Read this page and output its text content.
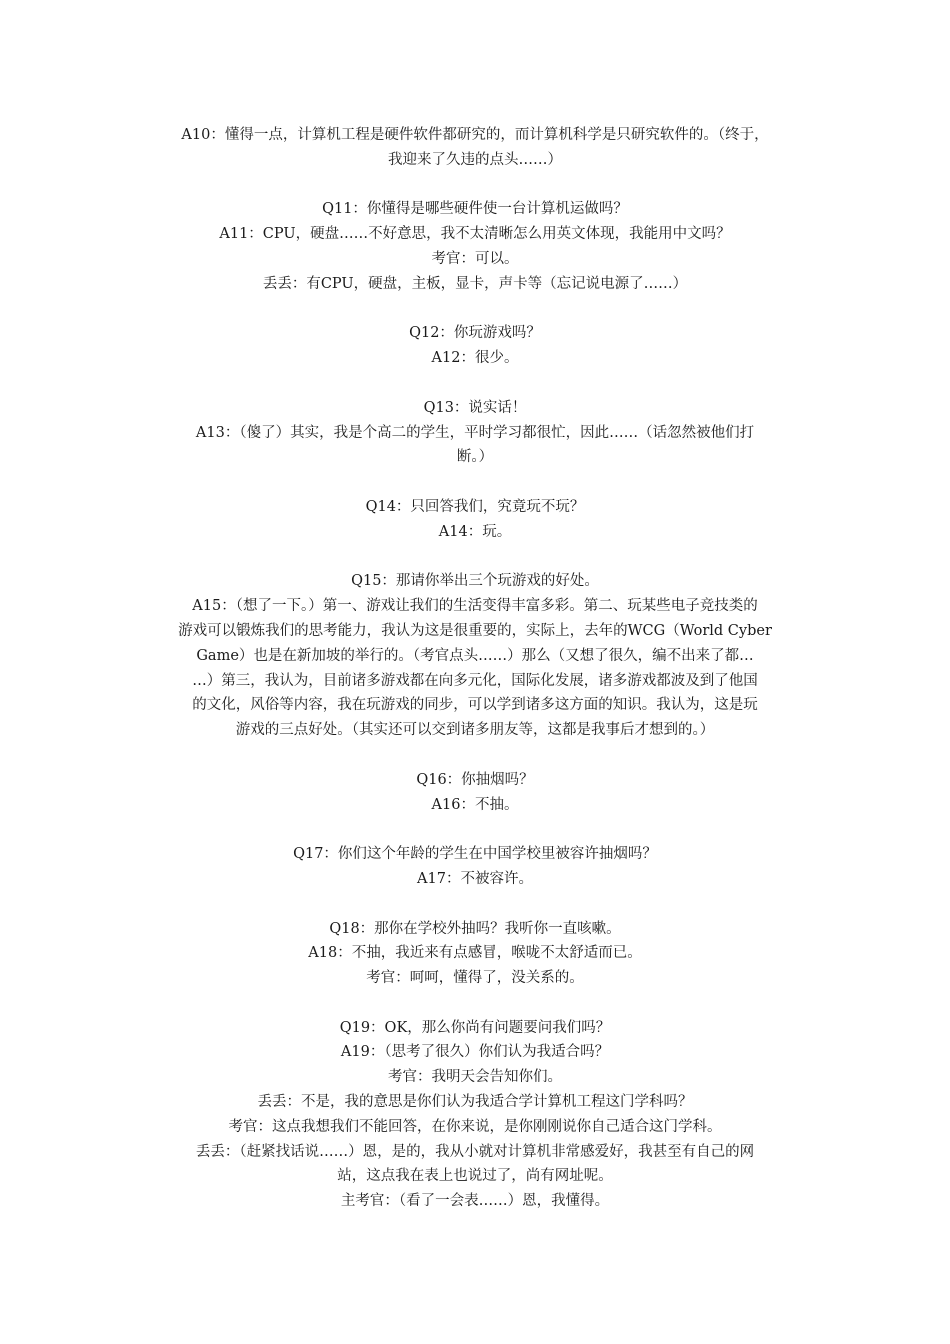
A10：懂得一点，计算机工程是硬件软件都研究的，而计算机科学是只研究软件的。（终于，

我迎来了久违的点头……）

Q11：你懂得是哪些硬件使一台计算机运做吗？

A11：CPU，硬盘……不好意思，我不太清晰怎么用英文体现，我能用中文吗？

考官：可以。

丢丢：有CPU，硬盘，主板，显卡，声卡等（忘记说电源了……）

Q12：你玩游戏吗？

A12：很少。

Q13：说实话！

A13：（傻了）其实，我是个高二的学生，平时学习都很忙，因此……（话忽然被他们打

断。）

Q14：只回答我们，究竟玩不玩？

A14：玩。

Q15：那请你举出三个玩游戏的好处。

A15：（想了一下。）第一、游戏让我们的生活变得丰富多彩。第二、玩某些电子竞技类的

游戏可以锻炼我们的思考能力，我认为这是很重要的，实际上，去年的WCG（World Cyber

Game）也是在新加坡的举行的。（考官点头……）那么（又想了很久，编不出来了都…

…）第三，我认为，目前诸多游戏都在向多元化，国际化发展，诸多游戏都波及到了他国

的文化，风俗等内容，我在玩游戏的同步，可以学到诸多这方面的知识。我认为，这是玩

游戏的三点好处。（其实还可以交到诸多朋友等，这都是我事后才想到的。）

Q16：你抽烟吗？

A16：不抽。

Q17：你们这个年龄的学生在中国学校里被容许抽烟吗？

A17：不被容许。

Q18：那你在学校外抽吗？我听你一直咳嗽。

A18：不抽，我近来有点感冒，喉咙不太舒适而已。

考官：呵呵，懂得了，没关系的。

Q19：OK，那么你尚有问题要问我们吗？

A19：（思考了很久）你们认为我适合吗？

考官：我明天会告知你们。

丢丢：不是，我的意思是你们认为我适合学计算机工程这门学科吗？

考官：这点我想我们不能回答，在你来说，是你刚刚说你自己适合这门学科。

丢丢：（赶紧找话说……）恩，是的，我从小就对计算机非常感爱好，我甚至有自己的网

站，这点我在表上也说过了，尚有网址呢。

主考官：（看了一会表……）恩，我懂得。
